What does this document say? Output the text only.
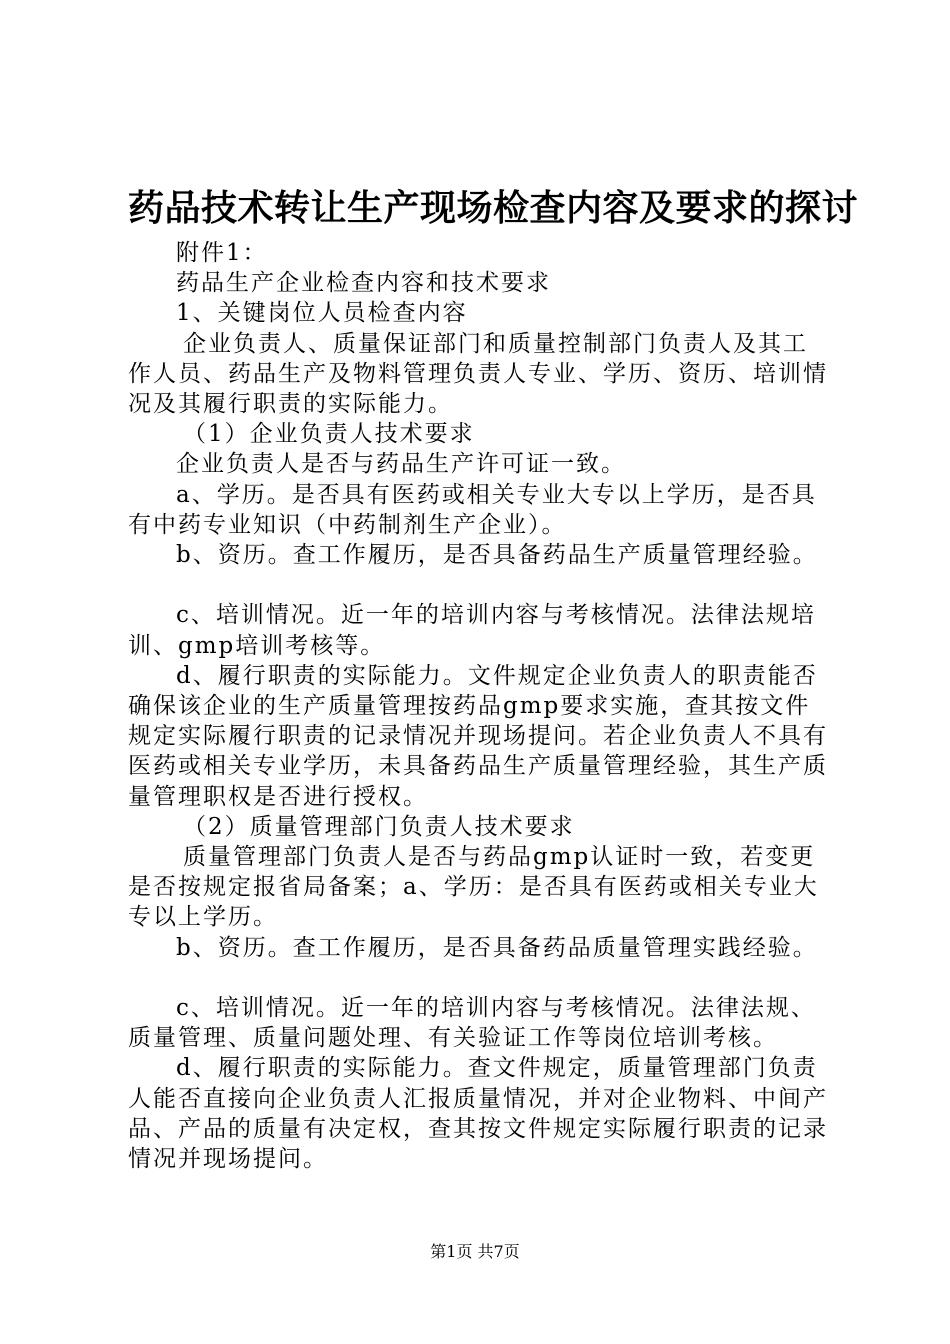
药品技术转让生产现场检查内容及要求的探讨

附件1：

药品生产企业检查内容和技术要求

1、关键岗位人员检查内容

企业负责人、质量保证部门和质量控制部门负责人及其工作人员、药品生产及物料管理负责人专业、学历、资历、培训情况及其履行职责的实际能力。

（1）企业负责人技术要求

企业负责人是否与药品生产许可证一致。

a、学历。是否具有医药或相关专业大专以上学历，是否具有中药专业知识（中药制剂生产企业）。

b、资历。查工作履历，是否具备药品生产质量管理经验。

c、培训情况。近一年的培训内容与考核情况。法律法规培训、gmp培训考核等。

d、履行职责的实际能力。文件规定企业负责人的职责能否确保该企业的生产质量管理按药品gmp要求实施，查其按文件规定实际履行职责的记录情况并现场提问。若企业负责人不具有医药或相关专业学历，未具备药品生产质量管理经验，其生产质量管理职权是否进行授权。

（2）质量管理部门负责人技术要求

质量管理部门负责人是否与药品gmp认证时一致，若变更是否按规定报省局备案；a、学历：是否具有医药或相关专业大专以上学历。

b、资历。查工作履历，是否具备药品质量管理实践经验。

c、培训情况。近一年的培训内容与考核情况。法律法规、质量管理、质量问题处理、有关验证工作等岗位培训考核。

d、履行职责的实际能力。查文件规定，质量管理部门负责人能否直接向企业负责人汇报质量情况，并对企业物料、中间产品、产品的质量有决定权，查其按文件规定实际履行职责的记录情况并现场提问。

第1页 共7页
